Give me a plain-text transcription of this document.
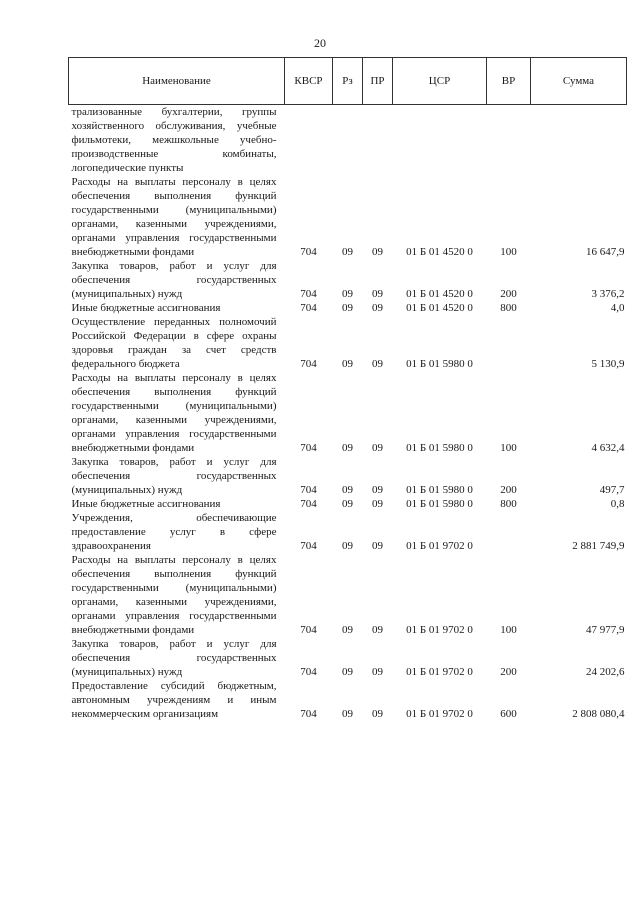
20
Наименование	КВСР	Рз	ПР	ЦСР	ВР	Сумма
трализованные бухгалтерии, группы хозяйственного обслуживания, учебные фильмотеки, межшкольные учебно-производственные комбинаты, логопедические пункты						
Расходы на выплаты персоналу в целях обеспечения выполнения функций государственными (муниципальными) органами, казенными учреждениями, органами управления государственными внебюджетными фондами	704	09	09	01 Б 01 4520 0	100	16 647,9
Закупка товаров, работ и услуг для обеспечения государственных (муниципальных) нужд	704	09	09	01 Б 01 4520 0	200	3 376,2
Иные бюджетные ассигнования	704	09	09	01 Б 01 4520 0	800	4,0
Осуществление переданных полномочий Российской Федерации в сфере охраны здоровья граждан за счет средств федерального бюджета	704	09	09	01 Б 01 5980 0		5 130,9
Расходы на выплаты персоналу в целях обеспечения выполнения функций государственными (муниципальными) органами, казенными учреждениями, органами управления государственными внебюджетными фондами	704	09	09	01 Б 01 5980 0	100	4 632,4
Закупка товаров, работ и услуг для обеспечения государственных (муниципальных) нужд	704	09	09	01 Б 01 5980 0	200	497,7
Иные бюджетные ассигнования	704	09	09	01 Б 01 5980 0	800	0,8
Учреждения, обеспечивающие предоставление услуг в сфере здравоохранения	704	09	09	01 Б 01 9702 0		2 881 749,9
Расходы на выплаты персоналу в целях обеспечения выполнения функций государственными (муниципальными) органами, казенными учреждениями, органами управления государственными внебюджетными фондами	704	09	09	01 Б 01 9702 0	100	47 977,9
Закупка товаров, работ и услуг для обеспечения государственных (муниципальных) нужд	704	09	09	01 Б 01 9702 0	200	24 202,6
Предоставление субсидий бюджетным, автономным учреждениям и иным некоммерческим организациям	704	09	09	01 Б 01 9702 0	600	2 808 080,4
